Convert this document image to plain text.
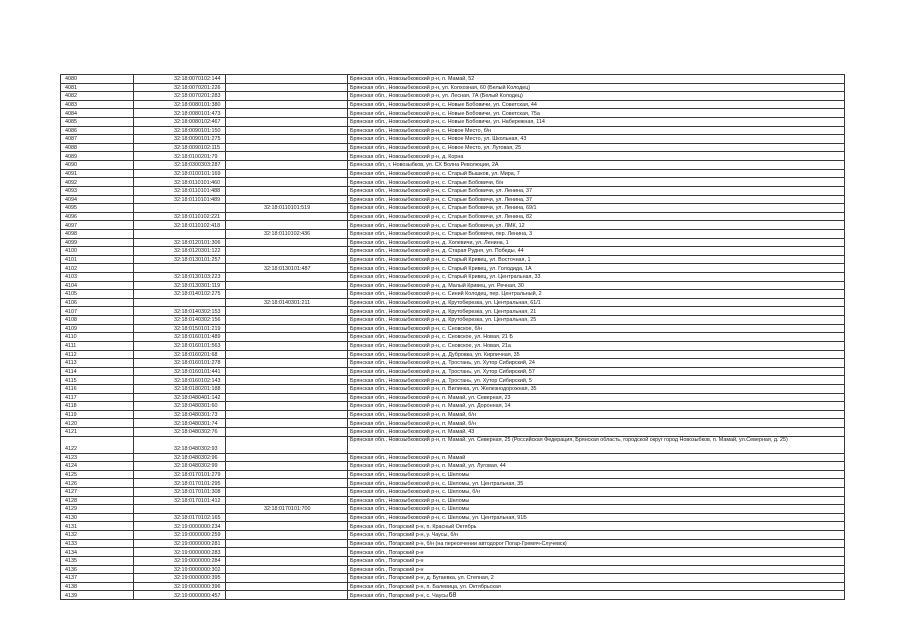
4080	32:18:0070102:144		Брянская обл., Новозыбковский р-н, п. Мамай, 52
4081	32:18:0070201:226		Брянская обл., Новозыбковский р-н, ул. Колхозная, 60 (Белый Колодец)
4082	32:18:0070201:283		Брянская обл., Новозыбковский р-н, ул. Лесная, 7А (Белый Колодец)
4083	32:18:0080101:380		Брянская обл., Новозыбковский р-н, с. Новые Бобовичи, ул. Советская, 44
4084	32:18:0080101:473		Брянская обл., Новозыбковский р-н, с. Новые Бобовичи, ул. Советская, 75а
4085	32:18:0080102:467		Брянская обл., Новозыбковский р-н, с. Новые Бобовичи, ул. Набережная, 114
4086	32:18:0090101:150		Брянская обл., Новозыбковский р-н, с. Новое Место, б/н
4087	32:18:0090101:275		Брянская обл., Новозыбковский р-н, с. Новое Место, ул. Школьная, 43
4088	32:18:0090102:115		Брянская обл., Новозыбковский р-н, с. Новое Место, ул. Луговая, 25
4089	32:18:0100201:79		Брянская обл., Новозыбковский р-н, д. Корна
4090	32:18:0300303:287		Брянская обл., г. Новозыбков, ул. СХ Волна Революции, 2А
4091	32:18:0100101:169		Брянская обл., Новозыбковский р-н, с. Старый Вышков, ул. Мира, 7
4092	32:18:0110101:460		Брянская обл., Новозыбковский р-н, с. Старые Бобовичи, б/н
4093	32:18:0110101:488		Брянская обл., Новозыбковский р-н, с. Старые Бобовичи, ул. Ленина, 37
4094	32:18:0110101:489		Брянская обл., Новозыбковский р-н, с. Старые Бобовичи, ул. Ленина, 37
4095		32:18:0110101:519	Брянская обл., Новозыбковский р-н, с. Старые Бобовичи, ул. Ленина, 69/1
4096	32:18:0110102:221		Брянская обл., Новозыбковский р-н, с. Старые Бобовичи, ул. Ленина, 82
4097	32:18:0110102:418		Брянская обл., Новозыбковский р-н, с. Старые Бобовичи, ул. ЛМК, 12
4098		32:18:0110102:436	Брянская обл., Новозыбковский р-н, с. Старые Бобовичи, пер. Ленина, 3
4099	32:18:0120101:306		Брянская обл., Новозыбковский р-н, д. Холевичи, ул. Ленина, 1
4100	32:18:0120301:122		Брянская обл., Новозыбковский р-н, д. Старая Рудня, ул. Победы, 44
4101	32:18:0130101:257		Брянская обл., Новозыбковский р-н, с. Старый Кривец, ул. Восточная, 1
4102		32:18:0130101:487	Брянская обл., Новозыбковский р-н, с. Старый Кривец, ул. Голодида, 1А
4103	32:18:0130103:223		Брянская обл., Новозыбковский р-н, с. Старый Кривец, ул. Центральная, 33
4104	32:18:0130301:119		Брянская обл., Новозыбковский р-н, д. Малый Кривец, ул. Речная, 30
4105	32:18:0140102:275		Брянская обл., Новозыбковский р-н, с. Синий Колодец, пер. Центральный, 2
4106		32:18:0140301:211	Брянская обл., Новозыбковский р-н, д. Крутоберезка, ул. Центральная, 61/1
4107	32:18:0140302:153		Брянская обл., Новозыбковский р-н, д. Крутоберезка, ул. Центральная, 21
4108	32:18:0140302:156		Брянская обл., Новозыбковский р-н, д. Крутоберезка, ул. Центральная, 25
4109	32:18:0150101:219		Брянская обл., Новозыбковский р-н, с. Сновское, б/н
4110	32:18:0160101:489		Брянская обл., Новозыбковский р-н, с. Сновское, ул. Новая, 21 Б
4111	32:18:0160101:563		Брянская обл., Новозыбковский р-н, с. Сновское, ул. Новая, 21а
4112	32:18:0160201:68		Брянская обл., Новозыбковский р-н, д. Дубровка, ул. Кирпичная, 35
4113	32:18:0160101:278		Брянская обл., Новозыбковский р-н, д. Тростань, ул. Хутор Сибирский, 24
4114	32:18:0160101:441		Брянская обл., Новозыбковский р-н, д. Тростань, ул. Хутор Сибирский, 57
4115	32:18:0160102:143		Брянская обл., Новозыбковский р-н, д. Тростань, ул. Хутор Сибирский, 5
4116	32:18:0180201:188		Брянская обл., Новозыбковский р-н, п. Вилинка, ул. Железнодорожная, 35
4117	32:18:0480401:142		Брянская обл., Новозыбковский р-н, п. Мамай, ул. Северная, 23
4118	32:18:0480301:60		Брянская обл., Новозыбковский р-н, п. Мамай, ул. Доронная, 14
4119	32:18:0480301:73		Брянская обл., Новозыбковский р-н, п. Мамай, б/н
4120	32:18:0480301:74		Брянская обл., Новозыбковский р-н, п. Мамай, б/н
4121	32:18:0480302:76		Брянская обл., Новозыбковский р-н, п. Мамай, 43
4122	32:18:0480302:93		Брянская обл., Новозыбковский р-н, п. Мамай, ул. Северная, 25 (Российская Федерация, Брянская область, городской округ город Новозыбков, п. Мамай, ул.Северная, д. 25)
4123	32:18:0480302:96		Брянская обл., Новозыбковский р-н, п. Мамай
4124	32:18:0480302:99		Брянская обл., Новозыбковский р-н, п. Мамай, ул. Луговая, 44
4125	32:18:0170101:279		Брянская обл., Новозыбковский р-н, с. Шеломы
4126	32:18:0170101:295		Брянская обл., Новозыбковский р-н, с. Шеломы, ул. Центральная, 35
4127	32:18:0170101:308		Брянская обл., Новозыбковский р-н, с. Шеломы, б/н
4128	32:18:0170101:412		Брянская обл., Новозыбковский р-н, с. Шеломы
4129		32:18:0170101:700	Брянская обл., Новозыбковский р-н, с. Шеломы
4130	32:18:0170102:165		Брянская обл., Новозыбковский р-н, с. Шеломы, ул. Центральная, 91Б
4131	32:19:0000000:234		Брянская обл., Погарский р-н, п. Красный Октябрь
4132	32:19:0000000:259		Брянская обл., Погарский р-н, у. Чаусы, б/н
4133	32:19:0000000:281		Брянская обл., Погарский р-н, б/н (на пересечении автодорог Погар-Гремяч-Случевск)
4134	32:19:0000000:283		Брянская обл., Погарский р-н
4135	32:19:0000000:284		Брянская обл., Погарский р-н
4136	32:19:0000000:302		Брянская обл., Погарский р-н
4137	32:19:0000000:395		Брянская обл., Погарский р-н, д. Бугаевка, ул. Степная, 2
4138	32:19:0000000:396		Брянская обл., Погарский р-н, п. Балевица, ул. Октябрьская
4139	32:19:0000000:457		Брянская обл., Погарский р-н, с. Чаусы 68
